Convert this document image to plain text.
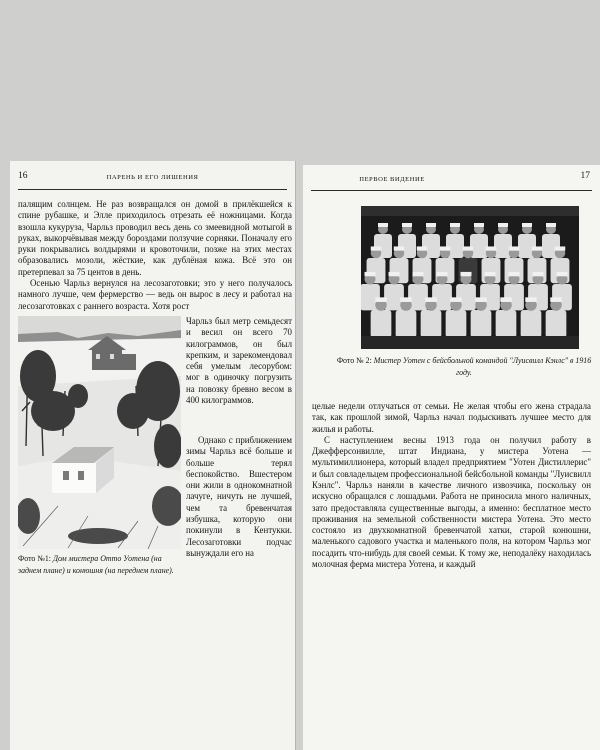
16	ПАРЕНЬ И ЕГО ЛИШЕНИЯ

палящим солнцем. Не раз возвращался он домой в прилёкшейся к спине рубашке, и Элле приходилось отрезать её ножницами. Когда взошла кукуруза, Чарльз проводил весь день со змеевидной мотыгой в руках, выкорчёвывая между бороздами ползучие сорняки. Поначалу его руки покрывались волдырями и кровоточили, позже на этих местах образовались мозоли, жёсткие, как дублёная кожа. Всё это он претерпевал за 75 центов в день.

Осенью Чарльз вернулся на лесозаготовки; это у него получалось намного лучше, чем фермерство — ведь он вырос в лесу и работал на лесозаготовках с раннего возраста. Хотя рост

Чарльз был метр семьдесят и весил он всего 70 килограммов, он был крепким, и зарекомендовал себя умелым лесорубом: мог в одиночку погрузить на повозку бревно весом в 400 килограммов.

Однако с приближением зимы Чарльз всё больше и больше терял беспокойство. Вшестером они жили в однокомнатной лачуге, ничуть не лучшей, чем та бревенчатая избушка, которую они покинули в Кентукки. Лесозаготовки подчас вынуждали его на

Фото №1: Дом мистера Отто Уотена (на заднем плане) и конюшня (на переднем плане).
17
ПЕРВОЕ ВИДЕНИЕ
Фото № 2: Мистер Уотен с бейсбольной командой "Луисвилл Кэнлс" в 1916 году.

целые недели отлучаться от семьи. Не желая чтобы его жена страдала так, как прошлой зимой, Чарльз начал подыскивать лучшее место для жилья и работы.

С наступлением весны 1913 года он получил работу в Джефферсонвилле, штат Индиана, у мистера Уотена — мультимиллионера, который владел предприятием "Уотен Дистиллерис" и был совладельцем профессиональной бейсбольной команды "Луисвилл Кэнлс". Чарльз наняли в качестве личного извозчика, поскольку он искусно обращался с лошадьми. Работа не приносила много наличных, зато предоставляла существенные выгоды, а именно: бесплатное место проживания на земельной собственности мистера Уотена. Это место состояло из двухкомнатной бревенчатой хатки, старой конюшни, маленького садового участка и маленького поля, на котором Чарльз мог посадить что-нибудь для своей семьи. К тому же, неподалёку находилась молочная ферма мистера Уотена, и каждый
